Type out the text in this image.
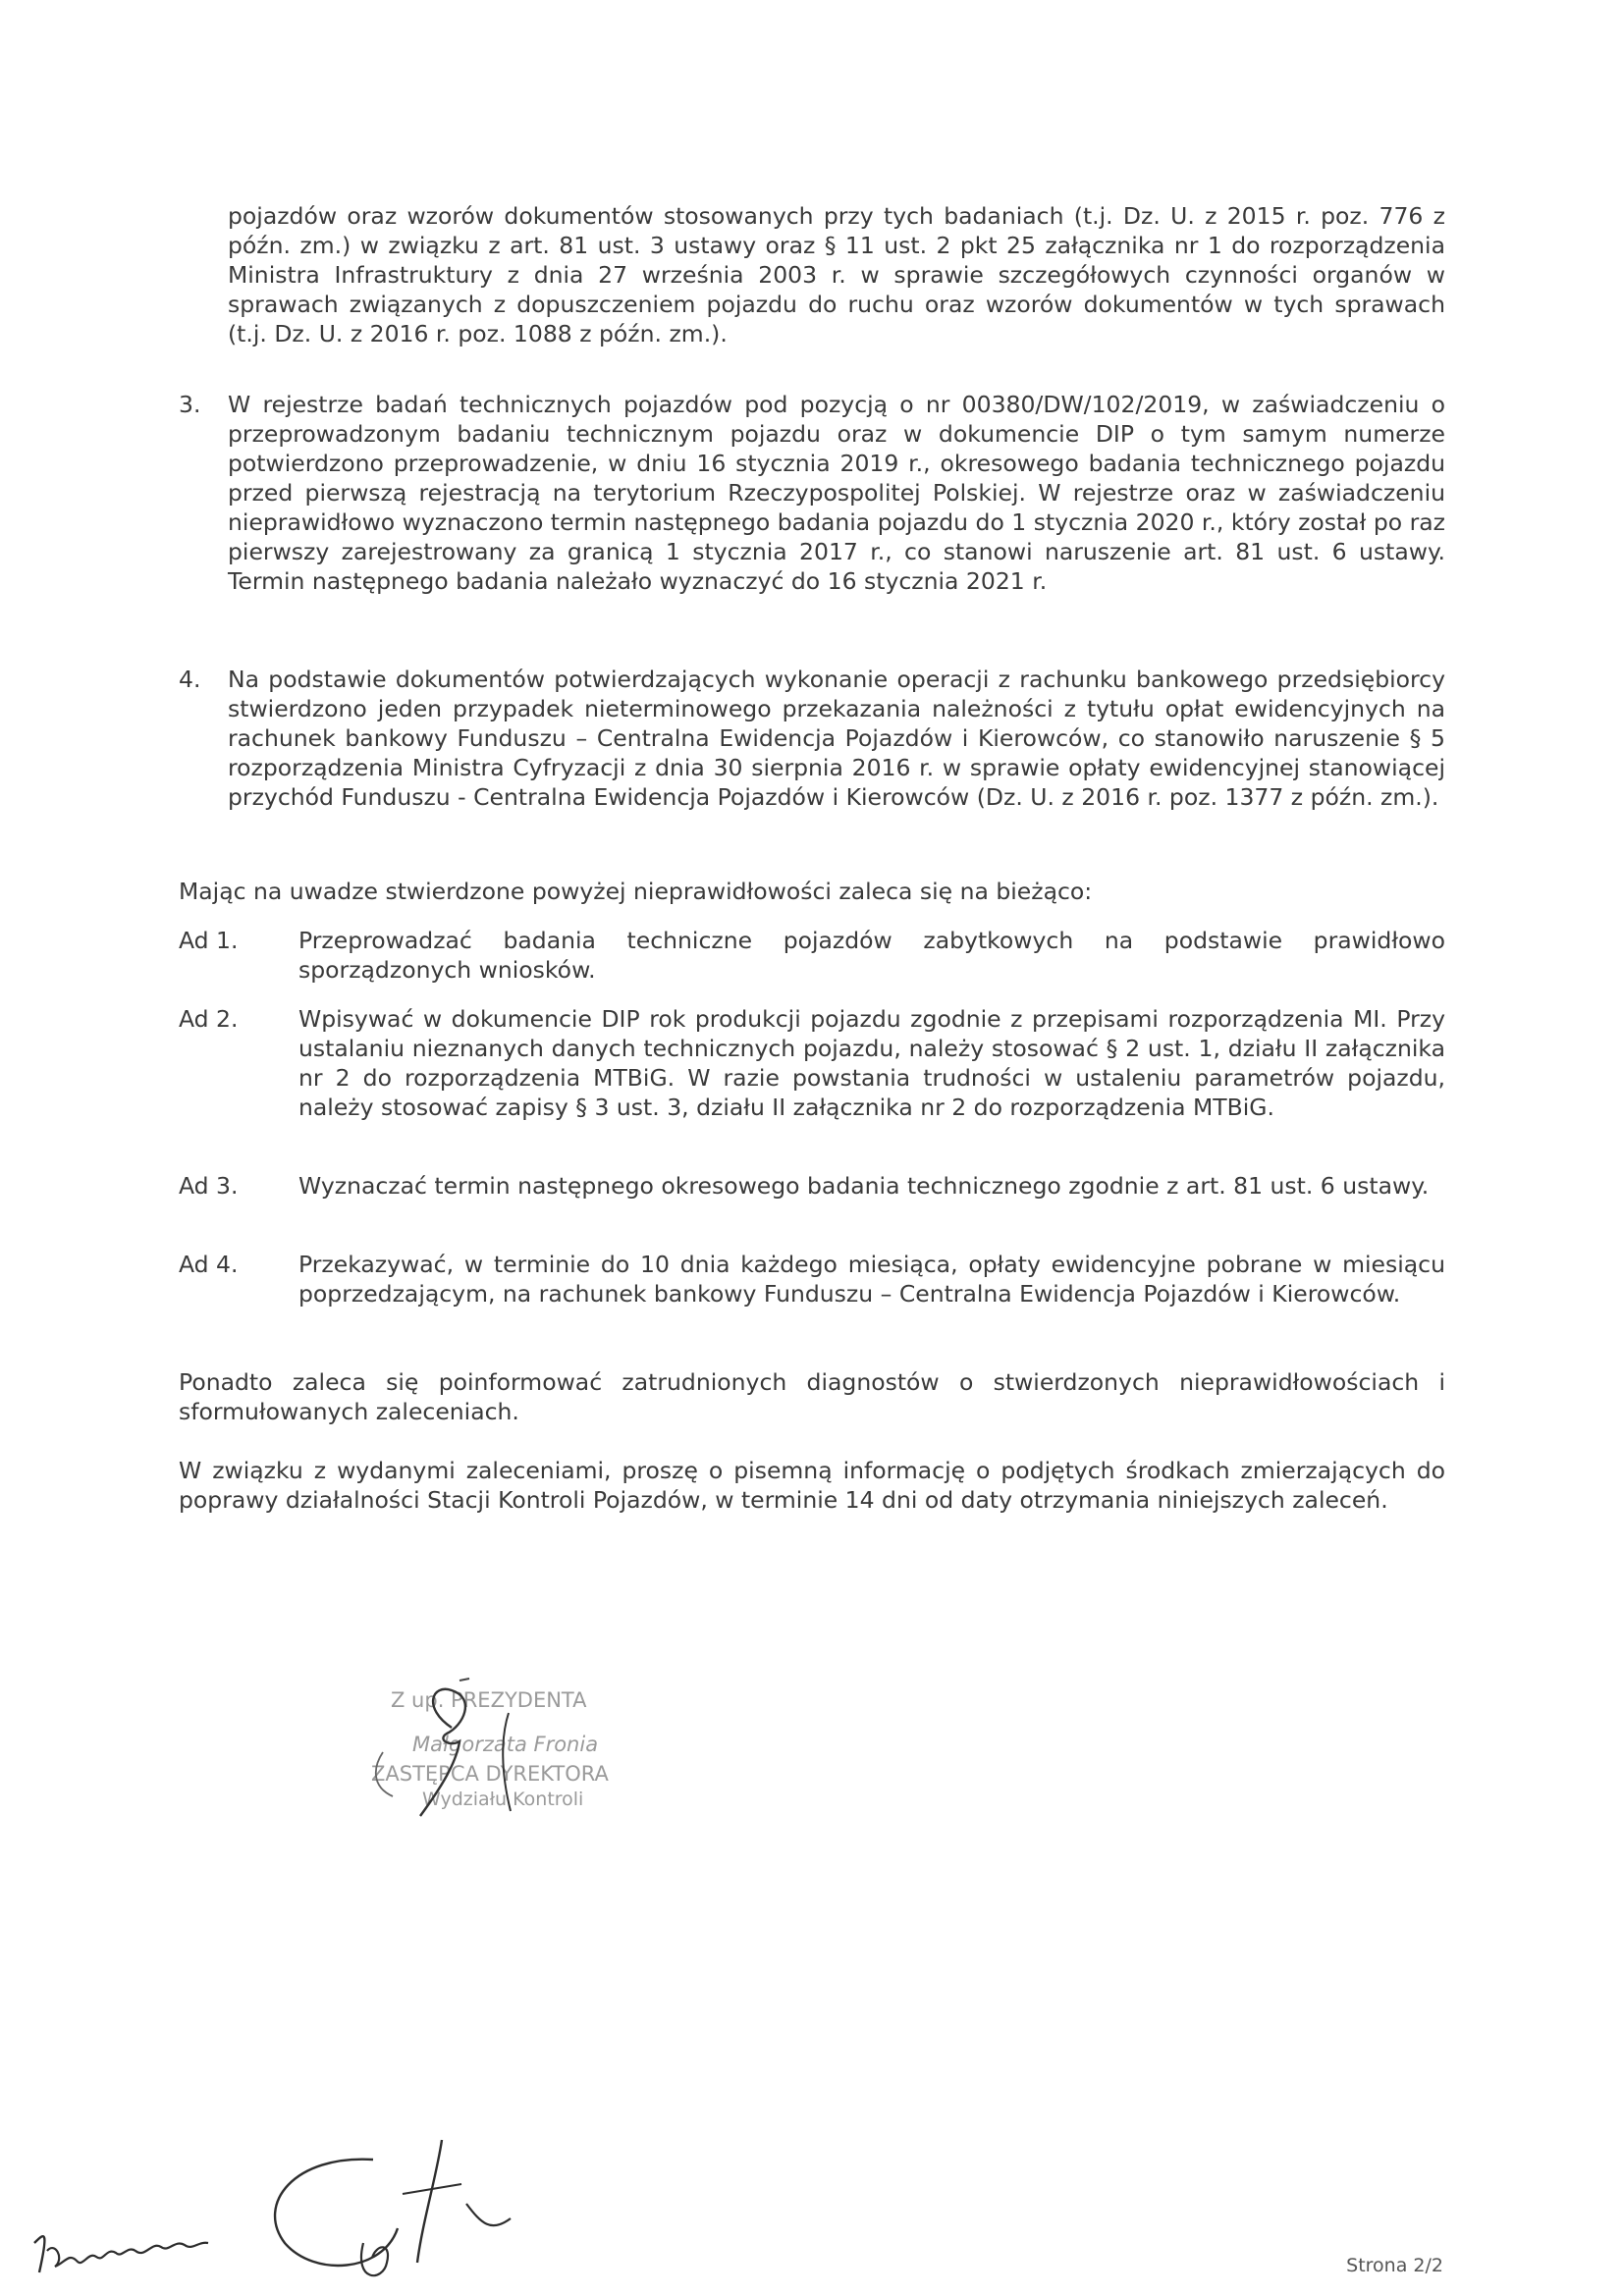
pojazdów oraz wzorów dokumentów stosowanych przy tych badaniach (t.j. Dz. U. z 2015 r. poz. 776 z późn. zm.) w związku z art. 81 ust. 3 ustawy oraz § 11 ust. 2 pkt 25 załącznika nr 1 do rozporządzenia Ministra Infrastruktury z dnia 27 września 2003 r. w sprawie szczegółowych czynności organów w sprawach związanych z dopuszczeniem pojazdu do ruchu oraz wzorów dokumentów w tych sprawach (t.j. Dz. U. z 2016 r. poz. 1088 z późn. zm.).

3. W rejestrze badań technicznych pojazdów pod pozycją o nr 00380/DW/102/2019, w zaświadczeniu o przeprowadzonym badaniu technicznym pojazdu oraz w dokumencie DIP o tym samym numerze potwierdzono przeprowadzenie, w dniu 16 stycznia 2019 r., okresowego badania technicznego pojazdu przed pierwszą rejestracją na terytorium Rzeczypospolitej Polskiej. W rejestrze oraz w zaświadczeniu nieprawidłowo wyznaczono termin następnego badania pojazdu do 1 stycznia 2020 r., który został po raz pierwszy zarejestrowany za granicą 1 stycznia 2017 r., co stanowi naruszenie art. 81 ust. 6 ustawy. Termin następnego badania należało wyznaczyć do 16 stycznia 2021 r.

4. Na podstawie dokumentów potwierdzających wykonanie operacji z rachunku bankowego przedsiębiorcy stwierdzono jeden przypadek nieterminowego przekazania należności z tytułu opłat ewidencyjnych na rachunek bankowy Funduszu – Centralna Ewidencja Pojazdów i Kierowców, co stanowiło naruszenie § 5 rozporządzenia Ministra Cyfryzacji z dnia 30 sierpnia 2016 r. w sprawie opłaty ewidencyjnej stanowiącej przychód Funduszu - Centralna Ewidencja Pojazdów i Kierowców (Dz. U. z 2016 r. poz. 1377 z późn. zm.).

Mając na uwadze stwierdzone powyżej nieprawidłowości zaleca się na bieżąco:

Ad 1.	Przeprowadzać badania techniczne pojazdów zabytkowych na podstawie prawidłowo sporządzonych wniosków.

Ad 2.	Wpisywać w dokumencie DIP rok produkcji pojazdu zgodnie z przepisami rozporządzenia MI. Przy ustalaniu nieznanych danych technicznych pojazdu, należy stosować § 2 ust. 1, działu II załącznika nr 2 do rozporządzenia MTBiG. W razie powstania trudności w ustaleniu parametrów pojazdu, należy stosować zapisy § 3 ust. 3, działu II załącznika nr 2 do rozporządzenia MTBiG.

Ad 3.	Wyznaczać termin następnego okresowego badania technicznego zgodnie z art. 81 ust. 6 ustawy.

Ad 4.	Przekazywać, w terminie do 10 dnia każdego miesiąca, opłaty ewidencyjne pobrane w miesiącu poprzedzającym, na rachunek bankowy Funduszu – Centralna Ewidencja Pojazdów i Kierowców.

Ponadto zaleca się poinformować zatrudnionych diagnostów o stwierdzonych nieprawidłowościach i sformułowanych zaleceniach.

W związku z wydanymi zaleceniami, proszę o pisemną informację o podjętych środkach zmierzających do poprawy działalności Stacji Kontroli Pojazdów, w terminie 14 dni od daty otrzymania niniejszych zaleceń.

Z up. PREZYDENTA
Małgorzata Fronia
ZASTĘPCA DYREKTORA
Wydziału Kontroli
Strona 2/2
